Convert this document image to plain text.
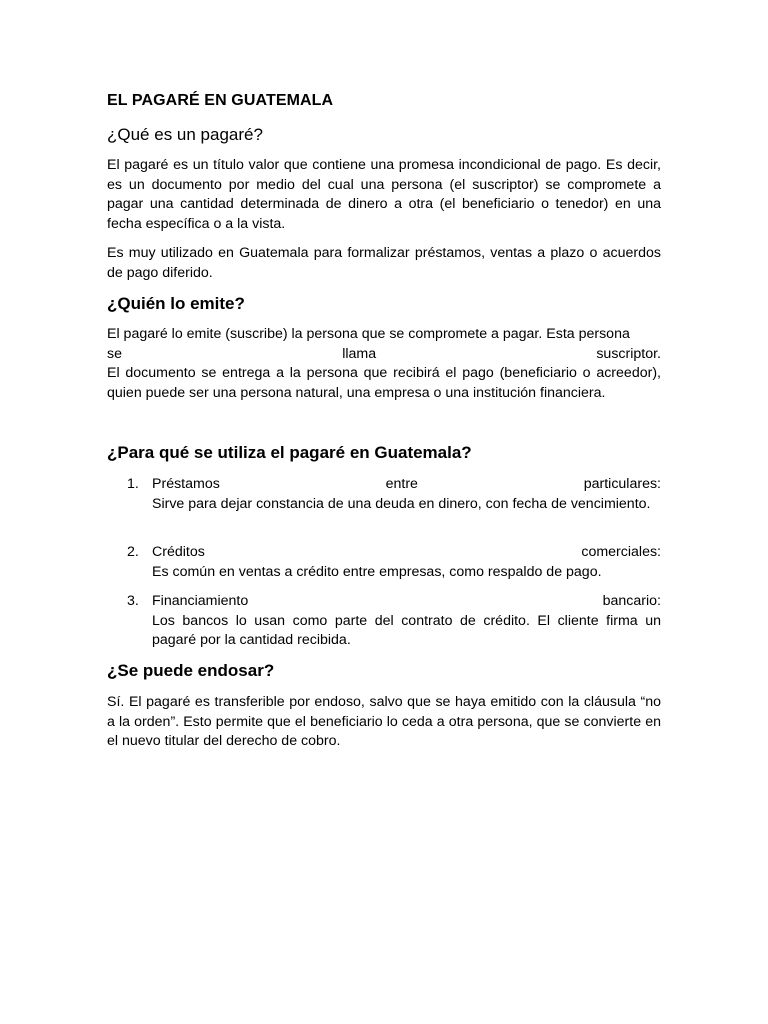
EL PAGARÉ EN GUATEMALA
¿Qué es un pagaré?

El pagaré es un título valor que contiene una promesa incondicional de pago. Es decir, es un documento por medio del cual una persona (el suscriptor) se compromete a pagar una cantidad determinada de dinero a otra (el beneficiario o tenedor) en una fecha específica o a la vista.

Es muy utilizado en Guatemala para formalizar préstamos, ventas a plazo o acuerdos de pago diferido.

¿Quién lo emite?
El pagaré lo emite (suscribe) la persona que se compromete a pagar. Esta persona
se llama suscriptor.
El documento se entrega a la persona que recibirá el pago (beneficiario o acreedor), quien puede ser una persona natural, una empresa o una institución financiera.
¿Para qué se utiliza el pagaré en Guatemala?
1. Préstamos entre particulares:
Sirve para dejar constancia de una deuda en dinero, con fecha de vencimiento.
2. Créditos comerciales:
Es común en ventas a crédito entre empresas, como respaldo de pago.
3. Financiamiento bancario:
Los bancos lo usan como parte del contrato de crédito. El cliente firma un pagaré por la cantidad recibida.
¿Se puede endosar?

Sí. El pagaré es transferible por endoso, salvo que se haya emitido con la cláusula “no a la orden”. Esto permite que el beneficiario lo ceda a otra persona, que se convierte en el nuevo titular del derecho de cobro.
